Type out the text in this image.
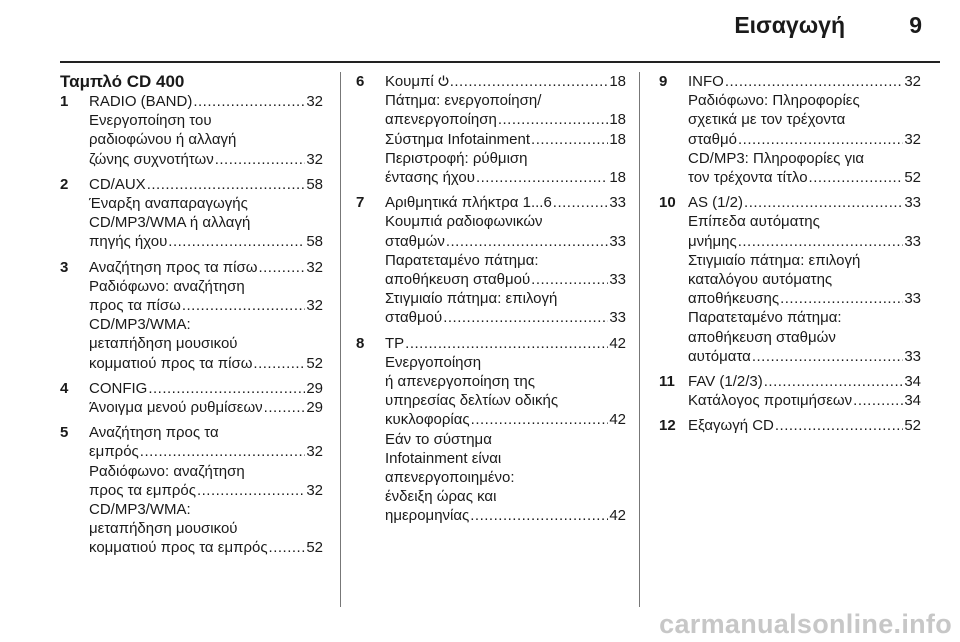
Εισαγωγή	9
Ταμπλό CD 400
1	RADIO (BAND) .....	32
Ενεργοποίηση του
ραδιοφώνου ή αλλαγή
ζώνης συχνοτήτων .....	32
2	CD/AUX .....	58
Έναρξη αναπαραγωγής
CD/MP3/WMA ή αλλαγή
πηγής ήχου .....	58
3	Αναζήτηση προς τα πίσω .....	32
Ραδιόφωνο: αναζήτηση
προς τα πίσω .....	32
CD/MP3/WMA:
μεταπήδηση μουσικού
κομματιού προς τα πίσω .....	52
4	CONFIG .....	29
Άνοιγμα μενού ρυθμίσεων .....	29
5	Αναζήτηση προς τα
εμπρός .....	32
Ραδιόφωνο: αναζήτηση
προς τα εμπρός .....	32
CD/MP3/WMA:
μεταπήδηση μουσικού
κομματιού προς τα εμπρός .....	52
6	Κουμπί .....	18
Πάτημα: ενεργοποίηση/
απενεργοποίηση .....	18
Σύστημα Infotainment .....	18
Περιστροφή: ρύθμιση
έντασης ήχου .....	18
7	Αριθμητικά πλήκτρα 1...6 .....	33
Κουμπιά ραδιοφωνικών
σταθμών .....	33
Παρατεταμένο πάτημα:
αποθήκευση σταθμού .....	33
Στιγμιαίο πάτημα: επιλογή
σταθμού .....	33
8	TP .....	42
Ενεργοποίηση
ή απενεργοποίηση της
υπηρεσίας δελτίων οδικής
κυκλοφορίας .....	42
Εάν το σύστημα
Infotainment είναι
απενεργοποιημένο:
ένδειξη ώρας και
ημερομηνίας .....	42
9	INFO .....	32
Ραδιόφωνο: Πληροφορίες
σχετικά με τον τρέχοντα
σταθμό .....	32
CD/MP3: Πληροφορίες για
τον τρέχοντα τίτλο .....	52
10 AS (1/2) .....	33
Επίπεδα αυτόματης
μνήμης .....	33
Στιγμιαίο πάτημα: επιλογή
καταλόγου αυτόματης
αποθήκευσης .....	33
Παρατεταμένο πάτημα:
αποθήκευση σταθμών
αυτόματα .....	33
11 FAV (1/2/3) .....	34
Κατάλογος προτιμήσεων .....	34
12 Εξαγωγή CD .....	52
carmanualsonline.info
